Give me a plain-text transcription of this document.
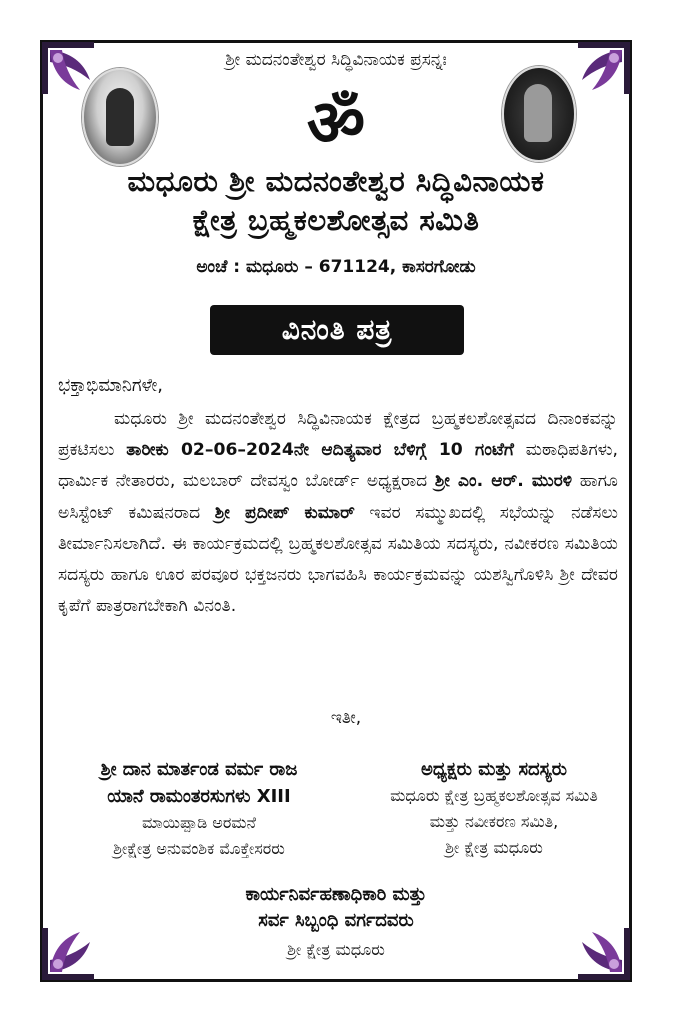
ಶ್ರೀ ಮದನಂತೇಶ್ವರ ಸಿದ್ಧಿವಿನಾಯಕ ಪ್ರಸನ್ನಃ
ॐ
ಮಧೂರು ಶ್ರೀ ಮದನಂತೇಶ್ವರ ಸಿದ್ಧಿವಿನಾಯಕ
ಕ್ಷೇತ್ರ ಬ್ರಹ್ಮಕಲಶೋತ್ಸವ ಸಮಿತಿ
ಅಂಚೆ : ಮಧೂರು – 671124, ಕಾಸರಗೋಡು
ವಿನಂತಿ ಪತ್ರ
ಭಕ್ತಾಭಿಮಾನಿಗಳೇ,

ಮಧೂರು ಶ್ರೀ ಮದನಂತೇಶ್ವರ ಸಿದ್ಧಿವಿನಾಯಕ ಕ್ಷೇತ್ರದ ಬ್ರಹ್ಮಕಲಶೋತ್ಸವದ ದಿನಾಂಕವನ್ನು ಪ್ರಕಟಿಸಲು ತಾರೀಕು 02–06–2024ನೇ ಆದಿತ್ಯವಾರ ಬೆಳಿಗ್ಗೆ 10 ಗಂಟೆಗೆ ಮಠಾಧಿಪತಿಗಳು, ಧಾರ್ಮಿಕ ನೇತಾರರು, ಮಲಬಾರ್ ದೇವಸ್ವಂ ಬೋರ್ಡ್ ಅಧ್ಯಕ್ಷರಾದ ಶ್ರೀ ಎಂ. ಆರ್. ಮುರಳಿ ಹಾಗೂ ಅಸಿಸ್ಟೆಂಟ್ ಕಮಿಷನರಾದ ಶ್ರೀ ಪ್ರದೀಪ್ ಕುಮಾರ್ ಇವರ ಸಮ್ಮುಖದಲ್ಲಿ ಸಭೆಯನ್ನು ನಡೆಸಲು ತೀರ್ಮಾನಿಸಲಾಗಿದೆ. ಈ ಕಾರ್ಯಕ್ರಮದಲ್ಲಿ ಬ್ರಹ್ಮಕಲಶೋತ್ಸವ ಸಮಿತಿಯ ಸದಸ್ಯರು, ನವೀಕರಣ ಸಮಿತಿಯ ಸದಸ್ಯರು ಹಾಗೂ ಊರ ಪರವೂರ ಭಕ್ತಜನರು ಭಾಗವಹಿಸಿ ಕಾರ್ಯಕ್ರಮವನ್ನು ಯಶಸ್ವಿಗೊಳಿಸಿ ಶ್ರೀ ದೇವರ ಕೃಪೆಗೆ ಪಾತ್ರರಾಗಬೇಕಾಗಿ ವಿನಂತಿ.

ಇತೀ,
ಶ್ರೀ ದಾನ ಮಾರ್ತಂಡ ವರ್ಮ ರಾಜ
ಯಾನೆ ರಾಮಂತರಸುಗಳು XIII
ಮಾಯಿಪ್ಪಾಡಿ ಅರಮನೆ
ಶ್ರೀಕ್ಷೇತ್ರ ಅನುವಂಶಿಕ ಮೊಕ್ತೇಸರರು
ಅಧ್ಯಕ್ಷರು ಮತ್ತು ಸದಸ್ಯರು
ಮಧೂರು ಕ್ಷೇತ್ರ ಬ್ರಹ್ಮಕಲಶೋತ್ಸವ ಸಮಿತಿ
ಮತ್ತು ನವೀಕರಣ ಸಮಿತಿ,
ಶ್ರೀ ಕ್ಷೇತ್ರ ಮಧೂರು
ಕಾರ್ಯನಿರ್ವಹಣಾಧಿಕಾರಿ ಮತ್ತು
ಸರ್ವ ಸಿಬ್ಬಂಧಿ ವರ್ಗದವರು
ಶ್ರೀ ಕ್ಷೇತ್ರ ಮಧೂರು
